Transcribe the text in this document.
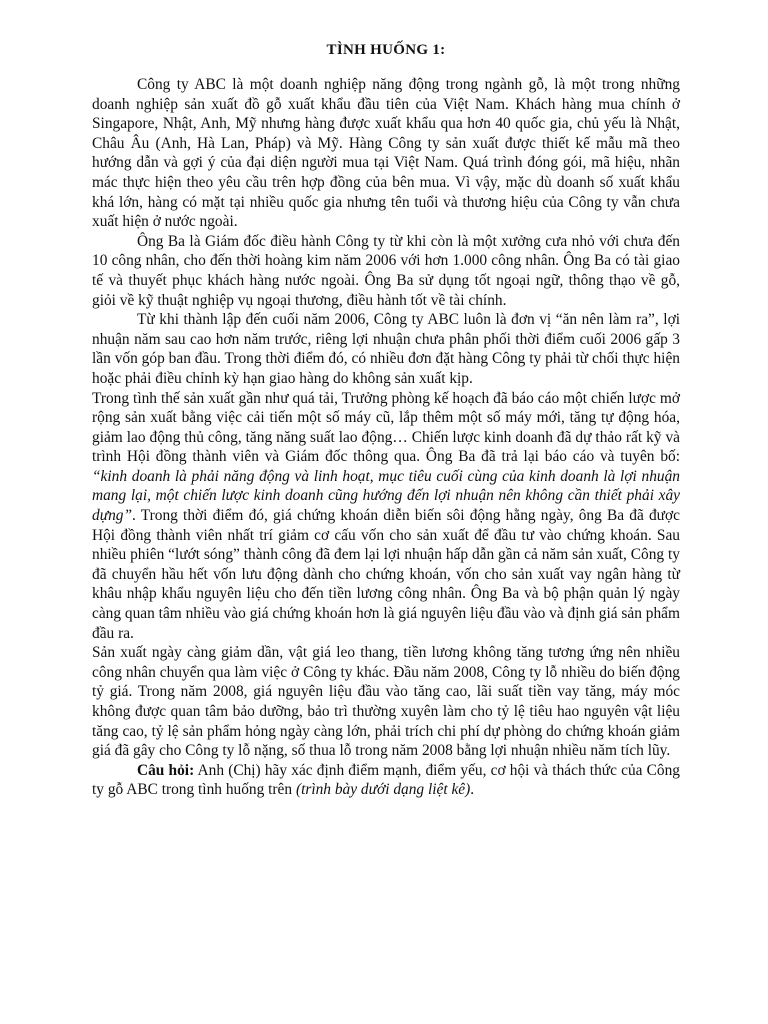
TÌNH HUỐNG 1:

Công ty ABC là một doanh nghiệp năng động trong ngành gỗ, là một trong những doanh nghiệp sản xuất đồ gỗ xuất khẩu đầu tiên của Việt Nam. Khách hàng mua chính ở Singapore, Nhật, Anh, Mỹ nhưng hàng được xuất khẩu qua hơn 40 quốc gia, chủ yếu là Nhật, Châu Âu (Anh, Hà Lan, Pháp) và Mỹ. Hàng Công ty sản xuất được thiết kế mẫu mã theo hướng dẫn và gợi ý của đại diện người mua tại Việt Nam. Quá trình đóng gói, mã hiệu, nhãn mác thực hiện theo yêu cầu trên hợp đồng của bên mua. Vì vậy, mặc dù doanh số xuất khẩu khá lớn, hàng có mặt tại nhiều quốc gia nhưng tên tuổi và thương hiệu của Công ty vẫn chưa xuất hiện ở nước ngoài.

Ông Ba là Giám đốc điều hành Công ty từ khi còn là một xưởng cưa nhỏ với chưa đến 10 công nhân, cho đến thời hoàng kim năm 2006 với hơn 1.000 công nhân. Ông Ba có tài giao tế và thuyết phục khách hàng nước ngoài. Ông Ba sử dụng tốt ngoại ngữ, thông thạo về gỗ, giỏi về kỹ thuật nghiệp vụ ngoại thương, điều hành tốt về tài chính.

Từ khi thành lập đến cuối năm 2006, Công ty ABC luôn là đơn vị “ăn nên làm ra”, lợi nhuận năm sau cao hơn năm trước, riêng lợi nhuận chưa phân phối thời điểm cuối 2006 gấp 3 lần vốn góp ban đầu. Trong thời điểm đó, có nhiều đơn đặt hàng Công ty phải từ chối thực hiện hoặc phải điều chỉnh kỳ hạn giao hàng do không sản xuất kịp.

Trong tình thế sản xuất gần như quá tải, Trưởng phòng kế hoạch đã báo cáo một chiến lược mở rộng sản xuất bằng việc cải tiến một số máy cũ, lắp thêm một số máy mới, tăng tự động hóa, giảm lao động thủ công, tăng năng suất lao động… Chiến lược kinh doanh đã dự thảo rất kỹ và trình Hội đồng thành viên và Giám đốc thông qua. Ông Ba đã trả lại báo cáo và tuyên bố: “kinh doanh là phải năng động và linh hoạt, mục tiêu cuối cùng của kinh doanh là lợi nhuận mang lại, một chiến lược kinh doanh cũng hướng đến lợi nhuận nên không cần thiết phải xây dựng”. Trong thời điểm đó, giá chứng khoán diễn biến sôi động hằng ngày, ông Ba đã được Hội đồng thành viên nhất trí giảm cơ cấu vốn cho sản xuất để đầu tư vào chứng khoán. Sau nhiều phiên “lướt sóng” thành công đã đem lại lợi nhuận hấp dẫn gần cả năm sản xuất, Công ty đã chuyển hầu hết vốn lưu động dành cho chứng khoán, vốn cho sản xuất vay ngân hàng từ khâu nhập khẩu nguyên liệu cho đến tiền lương công nhân. Ông Ba và bộ phận quản lý ngày càng quan tâm nhiều vào giá chứng khoán hơn là giá nguyên liệu đầu vào và định giá sản phẩm đầu ra.

Sản xuất ngày càng giảm dần, vật giá leo thang, tiền lương không tăng tương ứng nên nhiều công nhân chuyển qua làm việc ở Công ty khác. Đầu năm 2008, Công ty lỗ nhiều do biến động tỷ giá. Trong năm 2008, giá nguyên liệu đầu vào tăng cao, lãi suất tiền vay tăng, máy móc không được quan tâm bảo dưỡng, bảo trì thường xuyên làm cho tỷ lệ tiêu hao nguyên vật liệu tăng cao, tỷ lệ sản phẩm hỏng ngày càng lớn, phải trích chi phí dự phòng do chứng khoán giảm giá đã gây cho Công ty lỗ nặng, số thua lỗ trong năm 2008 bằng lợi nhuận nhiều năm tích lũy.

Câu hỏi: Anh (Chị) hãy xác định điểm mạnh, điểm yếu, cơ hội và thách thức của Công ty gỗ ABC trong tình huống trên (trình bày dưới dạng liệt kê).
